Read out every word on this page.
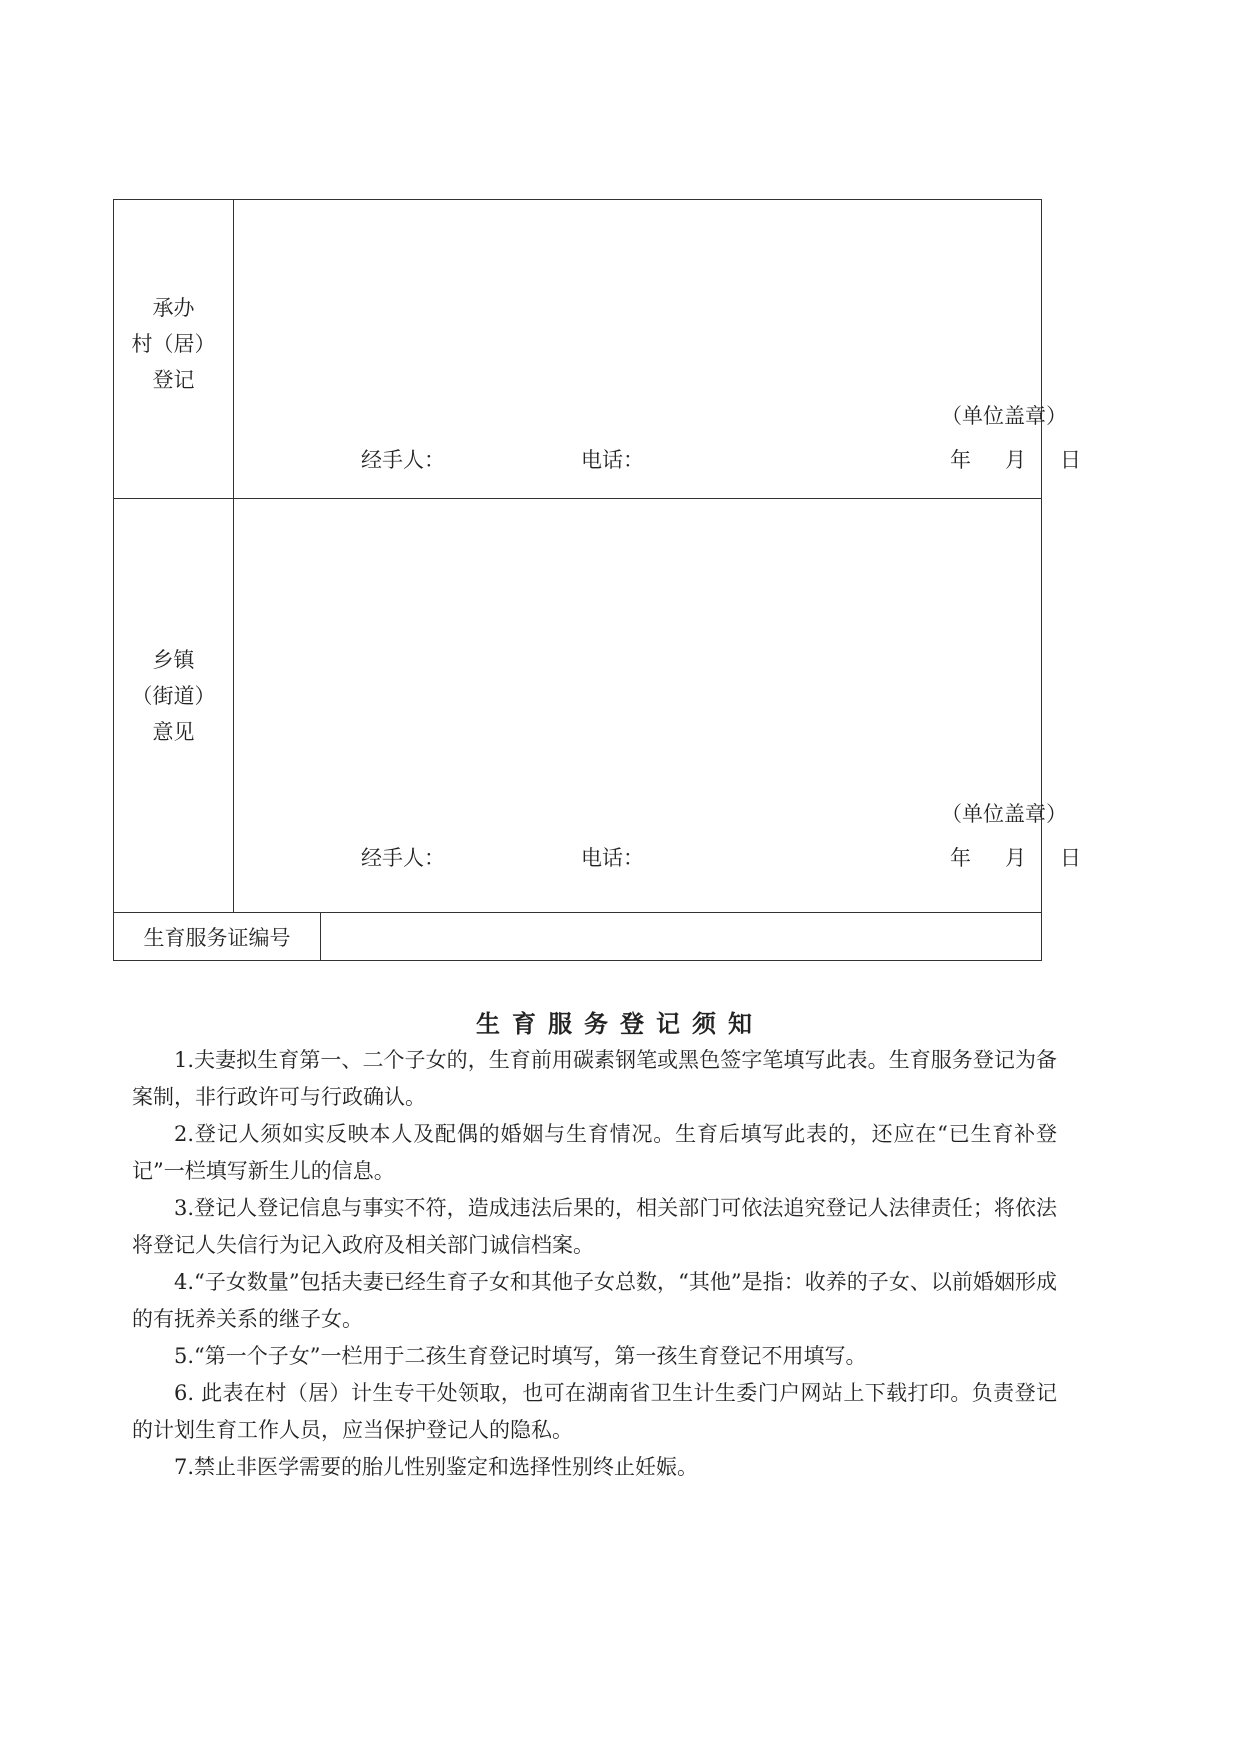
承办
村（居）
登记
（单位盖章）
经手人：	电话：	年 月 日
乡镇
（街道）
意见
（单位盖章）
经手人：	电话：	年 月 日
生育服务证编号
生育服务登记须知

1.夫妻拟生育第一、二个子女的，生育前用碳素钢笔或黑色签字笔填写此表。生育服务登记为备案制，非行政许可与行政确认。

2.登记人须如实反映本人及配偶的婚姻与生育情况。生育后填写此表的，还应在“已生育补登记”一栏填写新生儿的信息。

3.登记人登记信息与事实不符，造成违法后果的，相关部门可依法追究登记人法律责任；将依法将登记人失信行为记入政府及相关部门诚信档案。

4.“子女数量”包括夫妻已经生育子女和其他子女总数，“其他”是指：收养的子女、以前婚姻形成的有抚养关系的继子女。

5.“第一个子女”一栏用于二孩生育登记时填写，第一孩生育登记不用填写。

6. 此表在村（居）计生专干处领取，也可在湖南省卫生计生委门户网站上下载打印。负责登记的计划生育工作人员，应当保护登记人的隐私。

7.禁止非医学需要的胎儿性别鉴定和选择性别终止妊娠。
